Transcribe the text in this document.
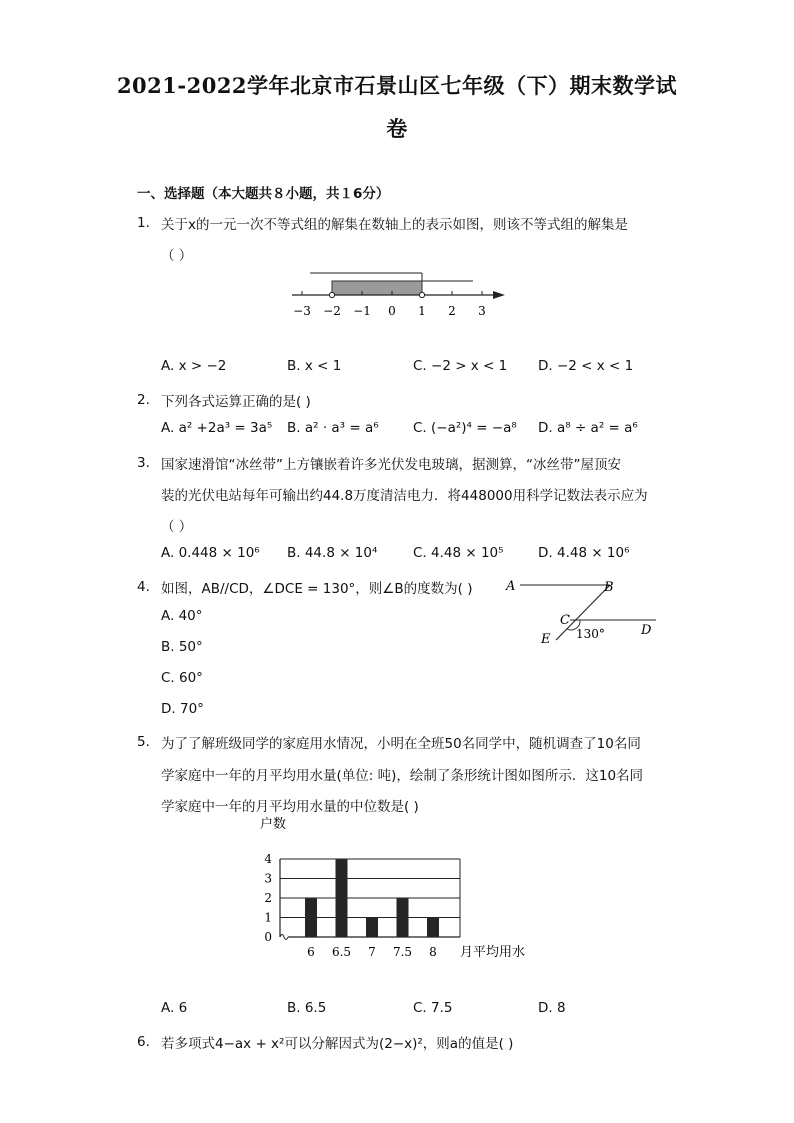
2021-2022学年北京市石景山区七年级（下）期末数学试
卷
一、选择题（本大题共８小题，共１6分）
1. 关于x的一元一次不等式组的解集在数轴上的表示如图，则该不等式组的解集是
（ ）
−3 −2 −1 0 1 2 3
A. x > −2	B. x < 1	C. −2 > x < 1 D. −2 < x < 1
2. 下列各式运算正确的是( )
A. a² +2a³ = 3a⁵ B. a² · a³ = a⁶	C. (−a²)⁴ = −a⁸ D. a⁸ ÷ a² = a⁶
3. 国家速滑馆“冰丝带”上方镶嵌着许多光伏发电玻璃，据测算，“冰丝带”屋顶安
装的光伏电站每年可输出约44.8万度清洁电力．将448000用科学记数法表示应为
（ ）
A. 0.448 × 10⁶ B. 44.8 × 10⁴	C. 4.48 × 10⁵	D. 4.48 × 10⁶
4. 如图，AB//CD，∠DCE = 130°，则∠B的度数为( )
A. 40°
B. 50°
C. 60°
D. 70°
A	B
C
D
E 130°
5. 为了了解班级同学的家庭用水情况，小明在全班50名同学中，随机调查了10名同
学家庭中一年的月平均用水量(单位: 吨)，绘制了条形统计图如图所示．这10名同
学家庭中一年的月平均用水量的中位数是( )
0
1
2
3
4
6 6.5 7 7.5 8
户数
月平均用水
A. 6	B. 6.5	C. 7.5	D. 8
6. 若多项式4−ax + x²可以分解因式为(2−x)²，则a的值是( )
